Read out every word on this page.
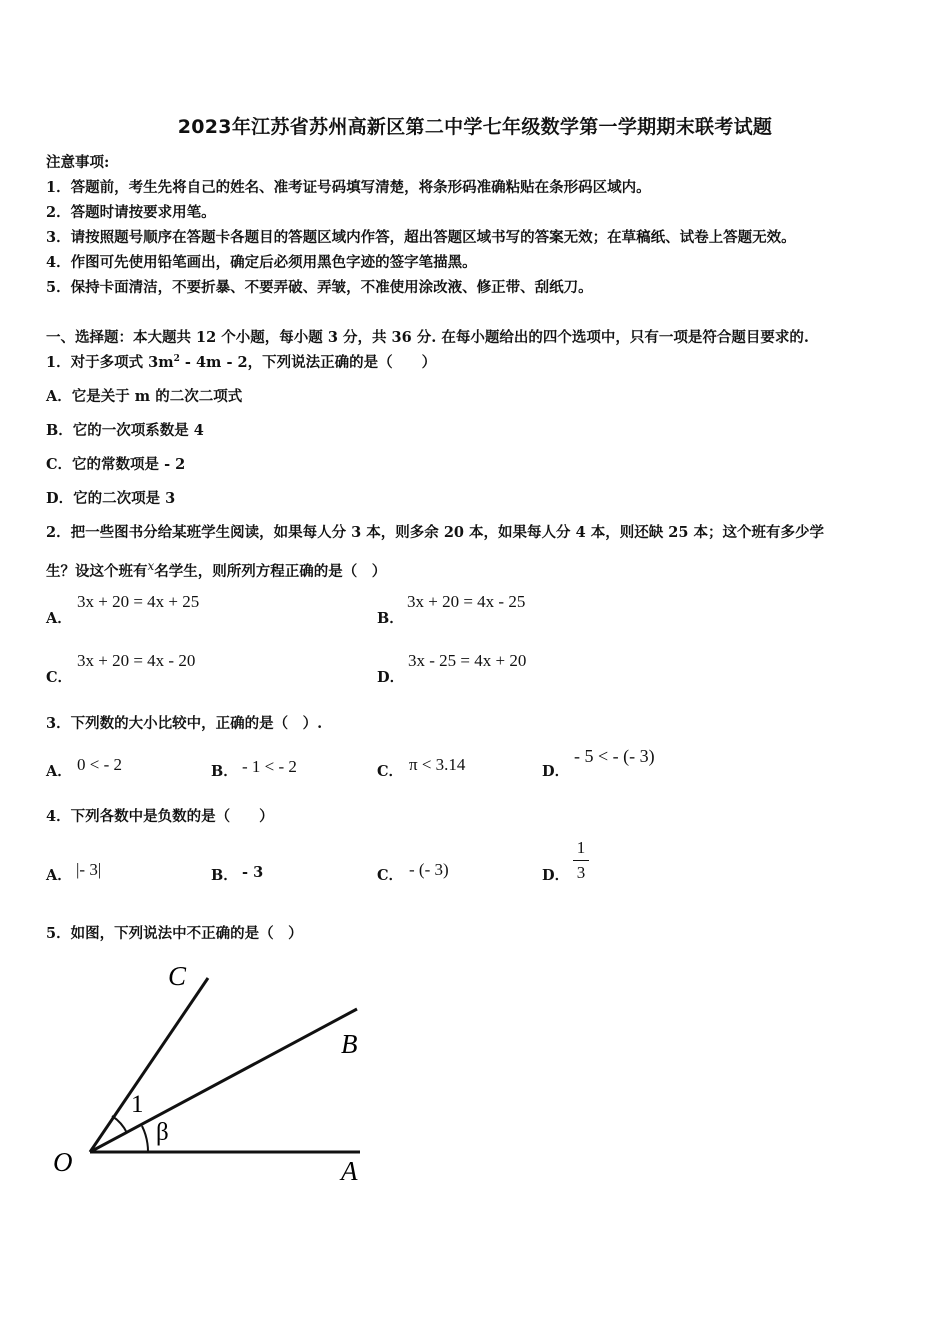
2023年江苏省苏州高新区第二中学七年级数学第一学期期末联考试题
注意事项:
1．答题前，考生先将自己的姓名、准考证号码填写清楚，将条形码准确粘贴在条形码区域内。
2．答题时请按要求用笔。
3．请按照题号顺序在答题卡各题目的答题区域内作答，超出答题区域书写的答案无效；在草稿纸、试卷上答题无效。
4．作图可先使用铅笔画出，确定后必须用黑色字迹的签字笔描黑。
5．保持卡面清洁，不要折暴、不要弄破、弄皱，不准使用涂改液、修正带、刮纸刀。
一、选择题：本大题共 12 个小题，每小题 3 分，共 36 分. 在每小题给出的四个选项中，只有一项是符合题目要求的.
1．对于多项式 $3m^2 - 4m - 2$，下列说法正确的是（　　）
A．它是关于 m 的二次二项式
B．它的一次项系数是 4
C．它的常数项是 - 2
D．它的二次项是 3
2．把一些图书分给某班学生阅读，如果每人分 3 本，则多余 20 本，如果每人分 4 本，则还缺 25 本；这个班有多少学
生？设这个班有$^x$名学生，则所列方程正确的是（　）
A．
3x + 20 = 4x + 25
B．
3x + 20 = 4x - 25
C．
3x + 20 = 4x - 20
D．
3x - 25 = 4x + 20
3．下列数的大小比较中，正确的是（　）.
A． 0 < - 2	B． - 1 < - 2	C． π < 3.14	D．
- 5 < - (- 3)
4．下列各数中是负数的是（　　）
A． |- 3|	B． - 3	C． - (- 3)	D．
1
3
5．如图，下列说法中不正确的是（　）
C
B
O	A
1
β
